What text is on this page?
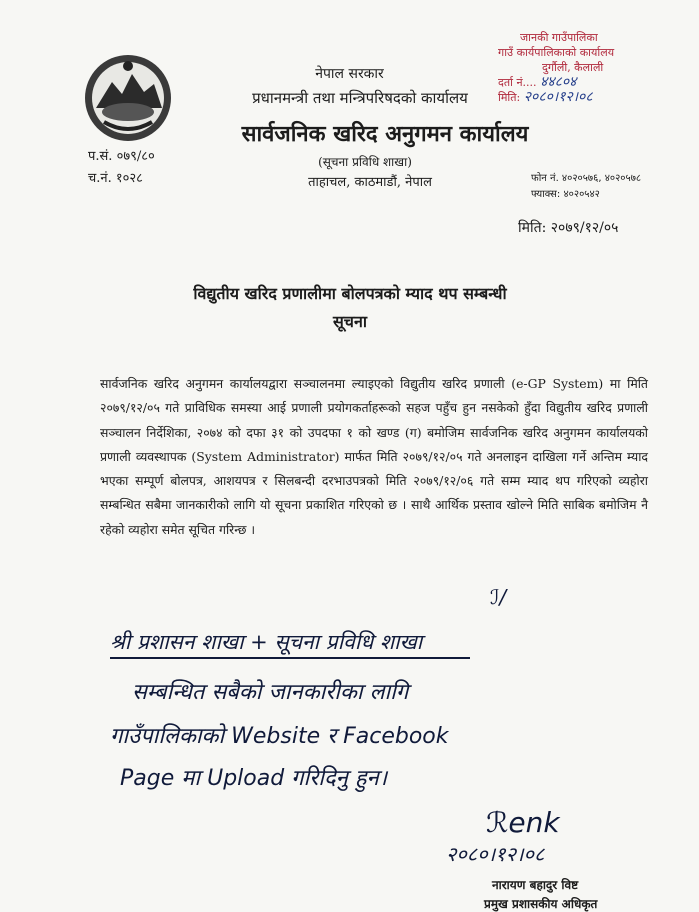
नेपाल सरकार
प्रधानमन्त्री तथा मन्त्रिपरिषदको कार्यालय
सार्वजनिक खरिद अनुगमन कार्यालय
(सूचना प्रविधि शाखा)
ताहाचल, काठमाडौं, नेपाल
प.सं. ०७९/८०
च.नं. १०२८
जानकी गाउँपालिका
गाउँ कार्यपालिकाको कार्यालय
दुर्गौली, कैलाली
दर्ता नं.... ४४८०४
मिति: २०८०।१२।०८
फोन नं. ४०२०५७६, ४०२०५७८
फ्याक्स: ४०२०५४२
मिति: २०७९/१२/०५
विद्युतीय खरिद प्रणालीमा बोलपत्रको म्याद थप सम्बन्धी
सूचना
सार्वजनिक खरिद अनुगमन कार्यालयद्वारा सञ्चालनमा ल्याइएको विद्युतीय खरिद प्रणाली (e-GP System) मा मिति २०७९/१२/०५ गते प्राविधिक समस्या आई प्रणाली प्रयोगकर्ताहरूको सहज पहुँच हुन नसकेको हुँदा विद्युतीय खरिद प्रणाली सञ्चालन निर्देशिका, २०७४ को दफा ३१ को उपदफा १ को खण्ड (ग) बमोजिम सार्वजनिक खरिद अनुगमन कार्यालयको प्रणाली व्यवस्थापक (System Administrator) मार्फत मिति २०७९/१२/०५ गते अनलाइन दाखिला गर्ने अन्तिम म्याद भएका सम्पूर्ण बोलपत्र, आशयपत्र र सिलबन्दी दरभाउपत्रको मिति २०७९/१२/०६ गते सम्म म्याद थप गरिएको व्यहोरा सम्बन्धित सबैमा जानकारीको लागि यो सूचना प्रकाशित गरिएको छ । साथै आर्थिक प्रस्ताव खोल्ने मिति साबिक बमोजिम नै रहेको व्यहोरा समेत सूचित गरिन्छ ।
ℐ/
श्री प्रशासन शाखा + सूचना प्रविधि शाखा
सम्बन्धित सबैको जानकारीका लागि
गाउँपालिकाको Website र Facebook
Page मा Upload गरिदिनु हुन।
ℛenk
२०८०।१२।०८
नारायण बहादुर विष्ट
प्रमुख प्रशासकीय अधिकृत
